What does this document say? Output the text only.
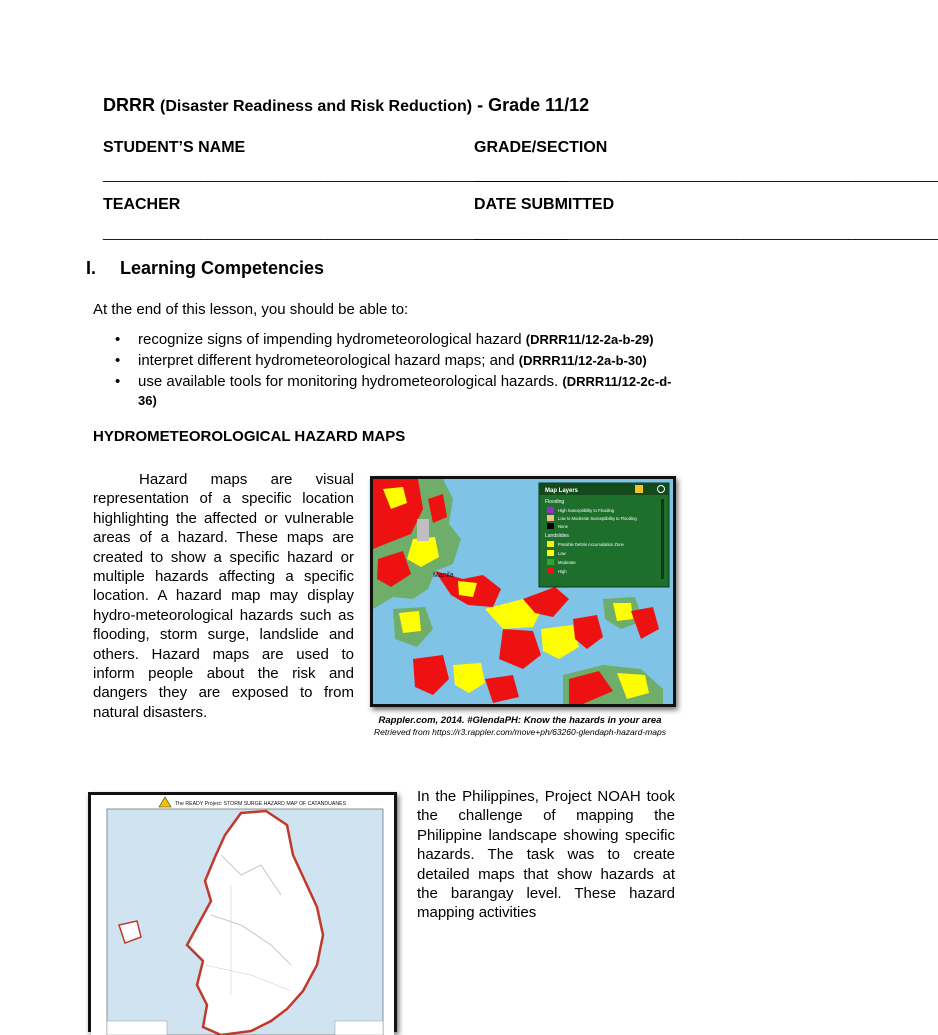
DRRR (Disaster Readiness and Risk Reduction) - Grade 11/12
STUDENT’S NAME	GRADE/SECTION
______________________________________________________________
______________________________________________________________
TEACHER	DATE SUBMITTED
______________________________________________________________
______________________________________________________________
I. Learning Competencies
At the end of this lesson, you should be able to:
• recognize signs of impending hydrometeorological hazard (DRRR11/12-2a-b-29)
• interpret different hydrometeorological hazard maps; and (DRRR11/12-2a-b-30)
• use available tools for monitoring hydrometeorological hazards. (DRRR11/12-2c-d-36)
HYDROMETEOROLOGICAL HAZARD MAPS
Hazard maps are visual representation of a specific location highlighting the affected or vulnerable areas of a hazard. These maps are created to show a specific hazard or multiple hazards affecting a specific location. A hazard map may display hydro-meteorological hazards such as flooding, storm surge, landslide and others. Hazard maps are used to inform people about the risk and dangers they are exposed to from natural disasters.
Manila
Map Layers
Flooding
High Susceptibility to Flooding
Low to Moderate Susceptibility to Flooding
None
Landslides
Possible Debris Accumulation Zone
Low
Moderate
High
Rappler.com, 2014. #GlendaPH: Know the hazards in your area
Retrieved from https://r3.rappler.com/move+ph/63260-glendaph-hazard-maps
The READY Project: STORM SURGE HAZARD MAP OF CATANDUANES	In the Philippines, Project NOAH took the challenge of mapping the Philippine landscape showing specific hazards. The task was to create detailed maps that show hazards at the barangay level. These hazard mapping activities
